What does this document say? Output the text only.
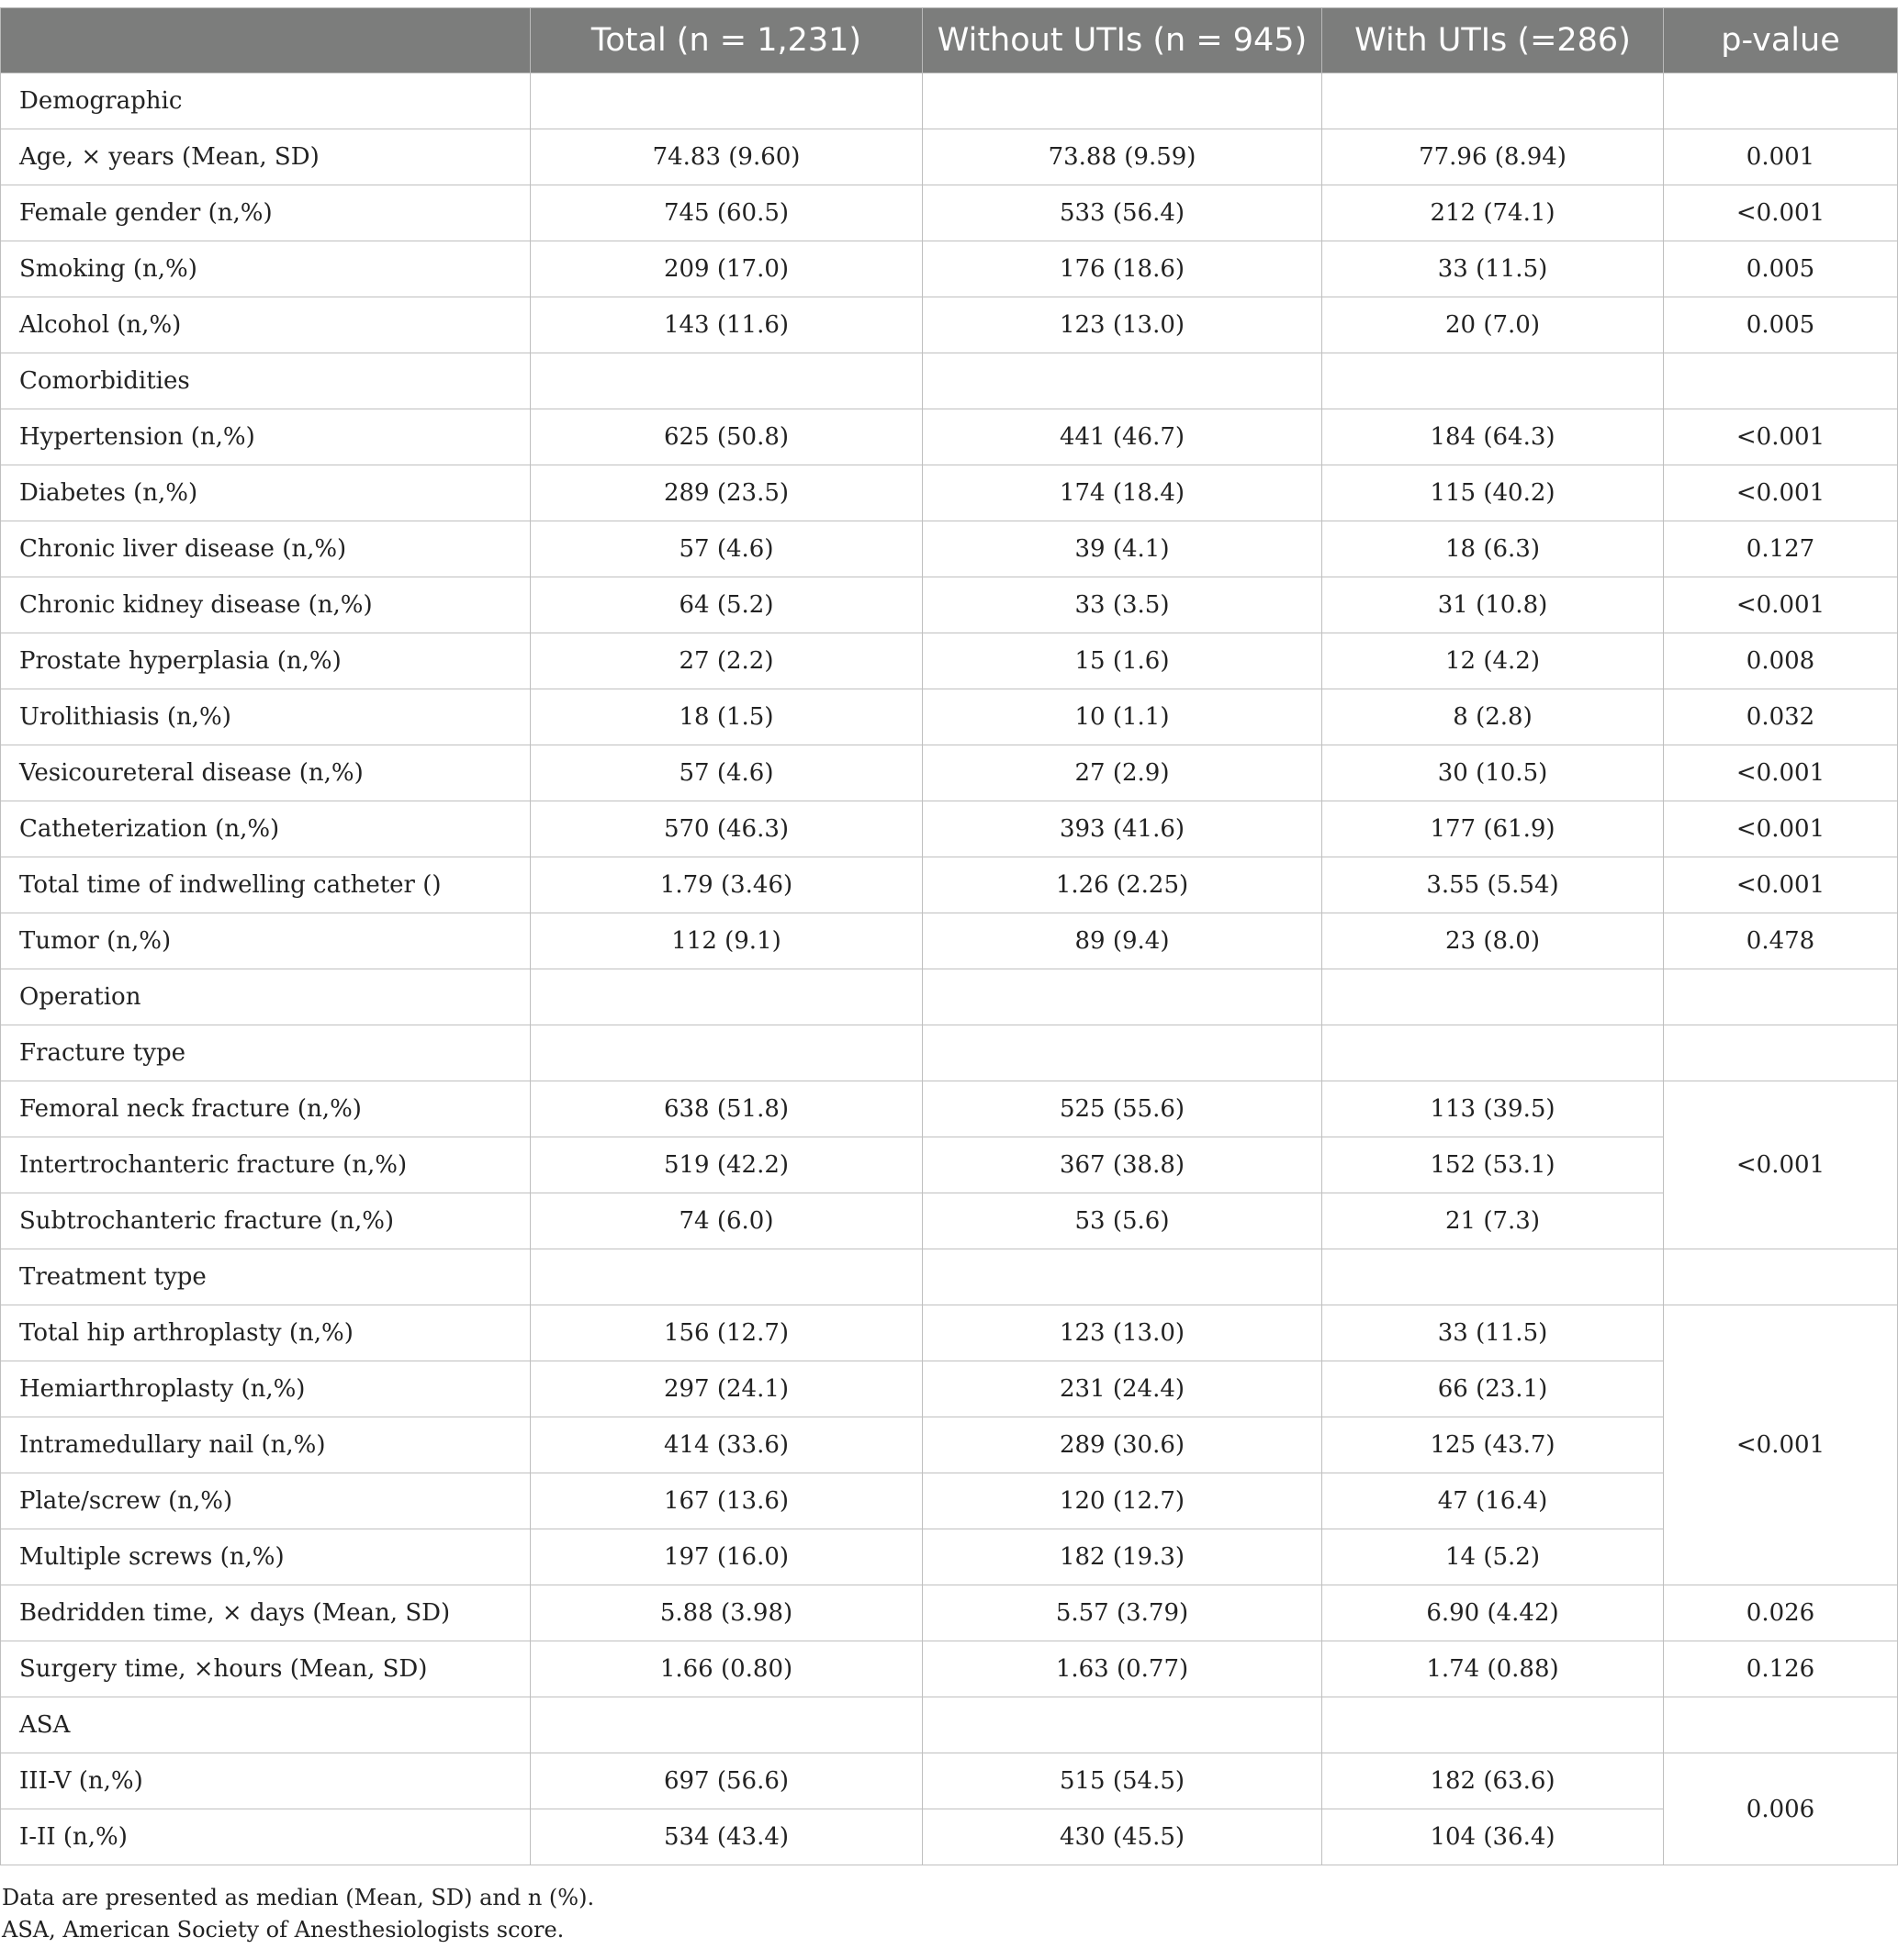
	Total (n = 1,231)	Without UTIs (n = 945)	With UTIs (=286)	p-value
Demographic				
Age, × years (Mean, SD)	74.83 (9.60)	73.88 (9.59)	77.96 (8.94)	0.001
Female gender (n,%)	745 (60.5)	533 (56.4)	212 (74.1)	<0.001
Smoking (n,%)	209 (17.0)	176 (18.6)	33 (11.5)	0.005
Alcohol (n,%)	143 (11.6)	123 (13.0)	20 (7.0)	0.005
Comorbidities				
Hypertension (n,%)	625 (50.8)	441 (46.7)	184 (64.3)	<0.001
Diabetes (n,%)	289 (23.5)	174 (18.4)	115 (40.2)	<0.001
Chronic liver disease (n,%)	57 (4.6)	39 (4.1)	18 (6.3)	0.127
Chronic kidney disease (n,%)	64 (5.2)	33 (3.5)	31 (10.8)	<0.001
Prostate hyperplasia (n,%)	27 (2.2)	15 (1.6)	12 (4.2)	0.008
Urolithiasis (n,%)	18 (1.5)	10 (1.1)	8 (2.8)	0.032
Vesicoureteral disease (n,%)	57 (4.6)	27 (2.9)	30 (10.5)	<0.001
Catheterization (n,%)	570 (46.3)	393 (41.6)	177 (61.9)	<0.001
Total time of indwelling catheter ()	1.79 (3.46)	1.26 (2.25)	3.55 (5.54)	<0.001
Tumor (n,%)	112 (9.1)	89 (9.4)	23 (8.0)	0.478
Operation				
Fracture type				
Femoral neck fracture (n,%)	638 (51.8)	525 (55.6)	113 (39.5)	<0.001
Intertrochanteric fracture (n,%)	519 (42.2)	367 (38.8)	152 (53.1)	
Subtrochanteric fracture (n,%)	74 (6.0)	53 (5.6)	21 (7.3)	
Treatment type				
Total hip arthroplasty (n,%)	156 (12.7)	123 (13.0)	33 (11.5)	<0.001
Hemiarthroplasty (n,%)	297 (24.1)	231 (24.4)	66 (23.1)	
Intramedullary nail (n,%)	414 (33.6)	289 (30.6)	125 (43.7)	
Plate/screw (n,%)	167 (13.6)	120 (12.7)	47 (16.4)	
Multiple screws (n,%)	197 (16.0)	182 (19.3)	14 (5.2)	
Bedridden time, × days (Mean, SD)	5.88 (3.98)	5.57 (3.79)	6.90 (4.42)	0.026
Surgery time, ×hours (Mean, SD)	1.66 (0.80)	1.63 (0.77)	1.74 (0.88)	0.126
ASA				
III-V (n,%)	697 (56.6)	515 (54.5)	182 (63.6)	0.006
I-II (n,%)	534 (43.4)	430 (45.5)	104 (36.4)	
Data are presented as median (Mean, SD) and n (%).
ASA, American Society of Anesthesiologists score.
